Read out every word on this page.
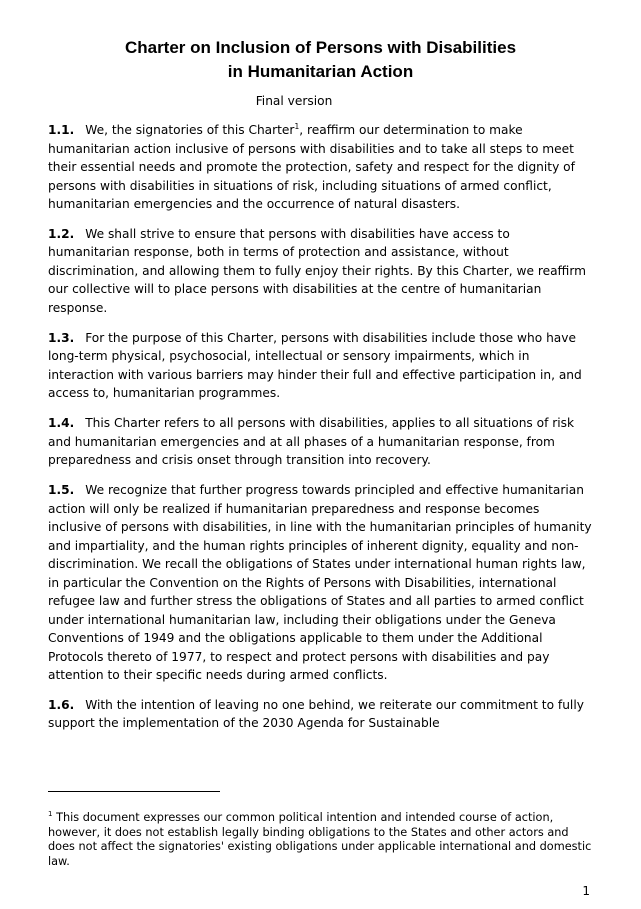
Charter on Inclusion of Persons with Disabilities
in Humanitarian Action
Final version

1.1. We, the signatories of this Charter$^1$, reaffirm our determination to make humanitarian action inclusive of persons with disabilities and to take all steps to meet their essential needs and promote the protection, safety and respect for the dignity of persons with disabilities in situations of risk, including situations of armed conflict, humanitarian emergencies and the occurrence of natural disasters.

1.2. We shall strive to ensure that persons with disabilities have access to humanitarian response, both in terms of protection and assistance, without discrimination, and allowing them to fully enjoy their rights. By this Charter, we reaffirm our collective will to place persons with disabilities at the centre of humanitarian response.

1.3. For the purpose of this Charter, persons with disabilities include those who have long-term physical, psychosocial, intellectual or sensory impairments, which in interaction with various barriers may hinder their full and effective participation in, and access to, humanitarian programmes.

1.4. This Charter refers to all persons with disabilities, applies to all situations of risk and humanitarian emergencies and at all phases of a humanitarian response, from preparedness and crisis onset through transition into recovery.

1.5. We recognize that further progress towards principled and effective humanitarian action will only be realized if humanitarian preparedness and response becomes inclusive of persons with disabilities, in line with the humanitarian principles of humanity and impartiality, and the human rights principles of inherent dignity, equality and non-discrimination. We recall the obligations of States under international human rights law, in particular the Convention on the Rights of Persons with Disabilities, international refugee law and further stress the obligations of States and all parties to armed conflict under international humanitarian law, including their obligations under the Geneva Conventions of 1949 and the obligations applicable to them under the Additional Protocols thereto of 1977, to respect and protect persons with disabilities and pay attention to their specific needs during armed conflicts.

1.6. With the intention of leaving no one behind, we reiterate our commitment to fully support the implementation of the 2030 Agenda for Sustainable

$^1$ This document expresses our common political intention and intended course of action, however, it does not establish legally binding obligations to the States and other actors and does not affect the signatories' existing obligations under applicable international and domestic law.
1
